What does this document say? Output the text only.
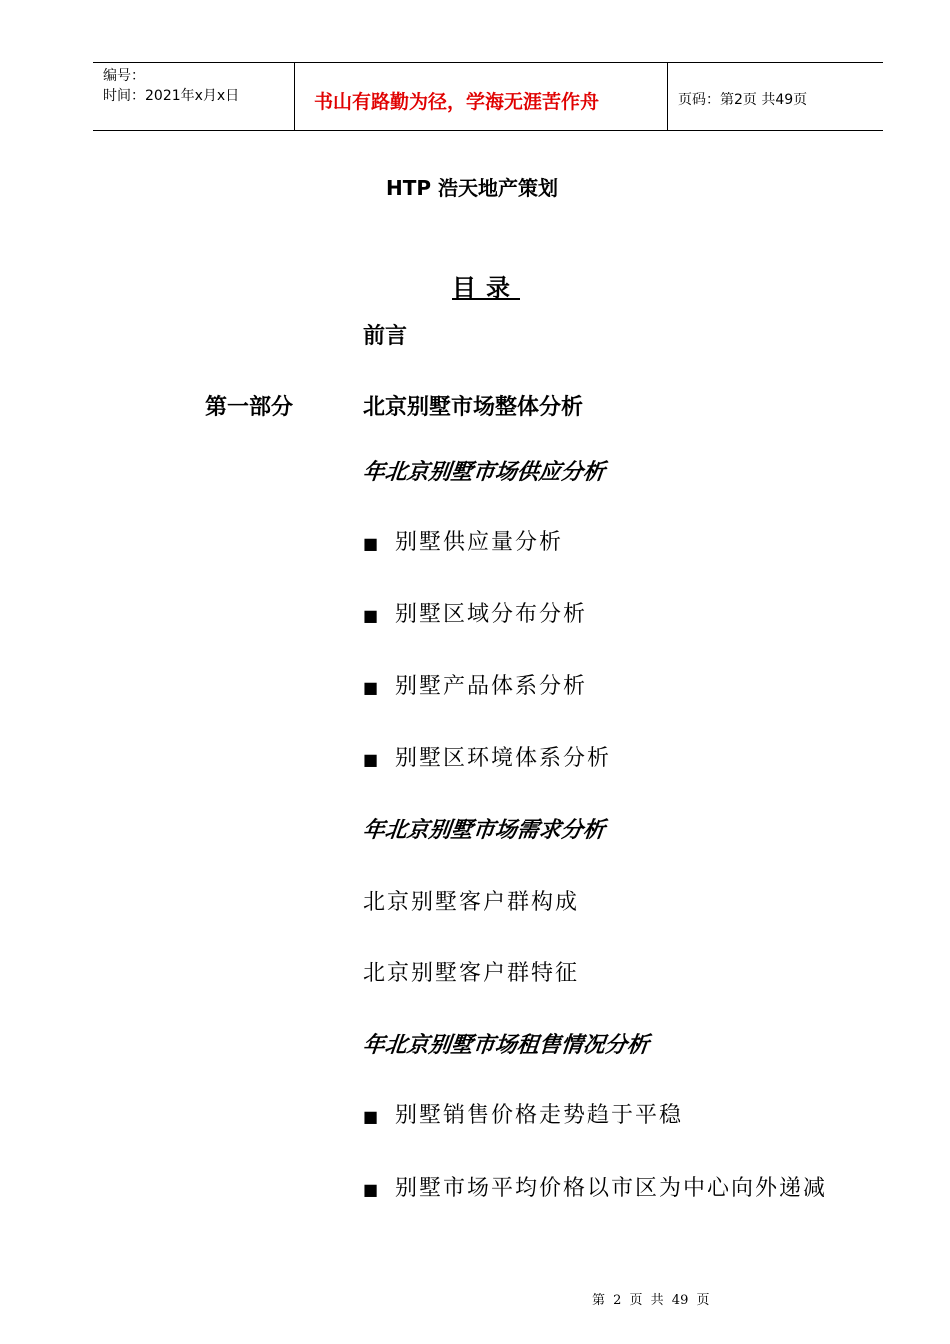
编号：
时间：2021年x月x日	书山有路勤为径，学海无涯苦作舟	页码：第2页 共49页
HTP 浩天地产策划
目录
前言
第一部分	北京别墅市场整体分析
年北京别墅市场供应分析
■ 别墅供应量分析
■ 别墅区域分布分析
■ 别墅产品体系分析
■ 别墅区环境体系分析
年北京别墅市场需求分析
北京别墅客户群构成
北京别墅客户群特征
年北京别墅市场租售情况分析
■ 别墅销售价格走势趋于平稳
■ 别墅市场平均价格以市区为中心向外递减
第 2 页 共 49 页
